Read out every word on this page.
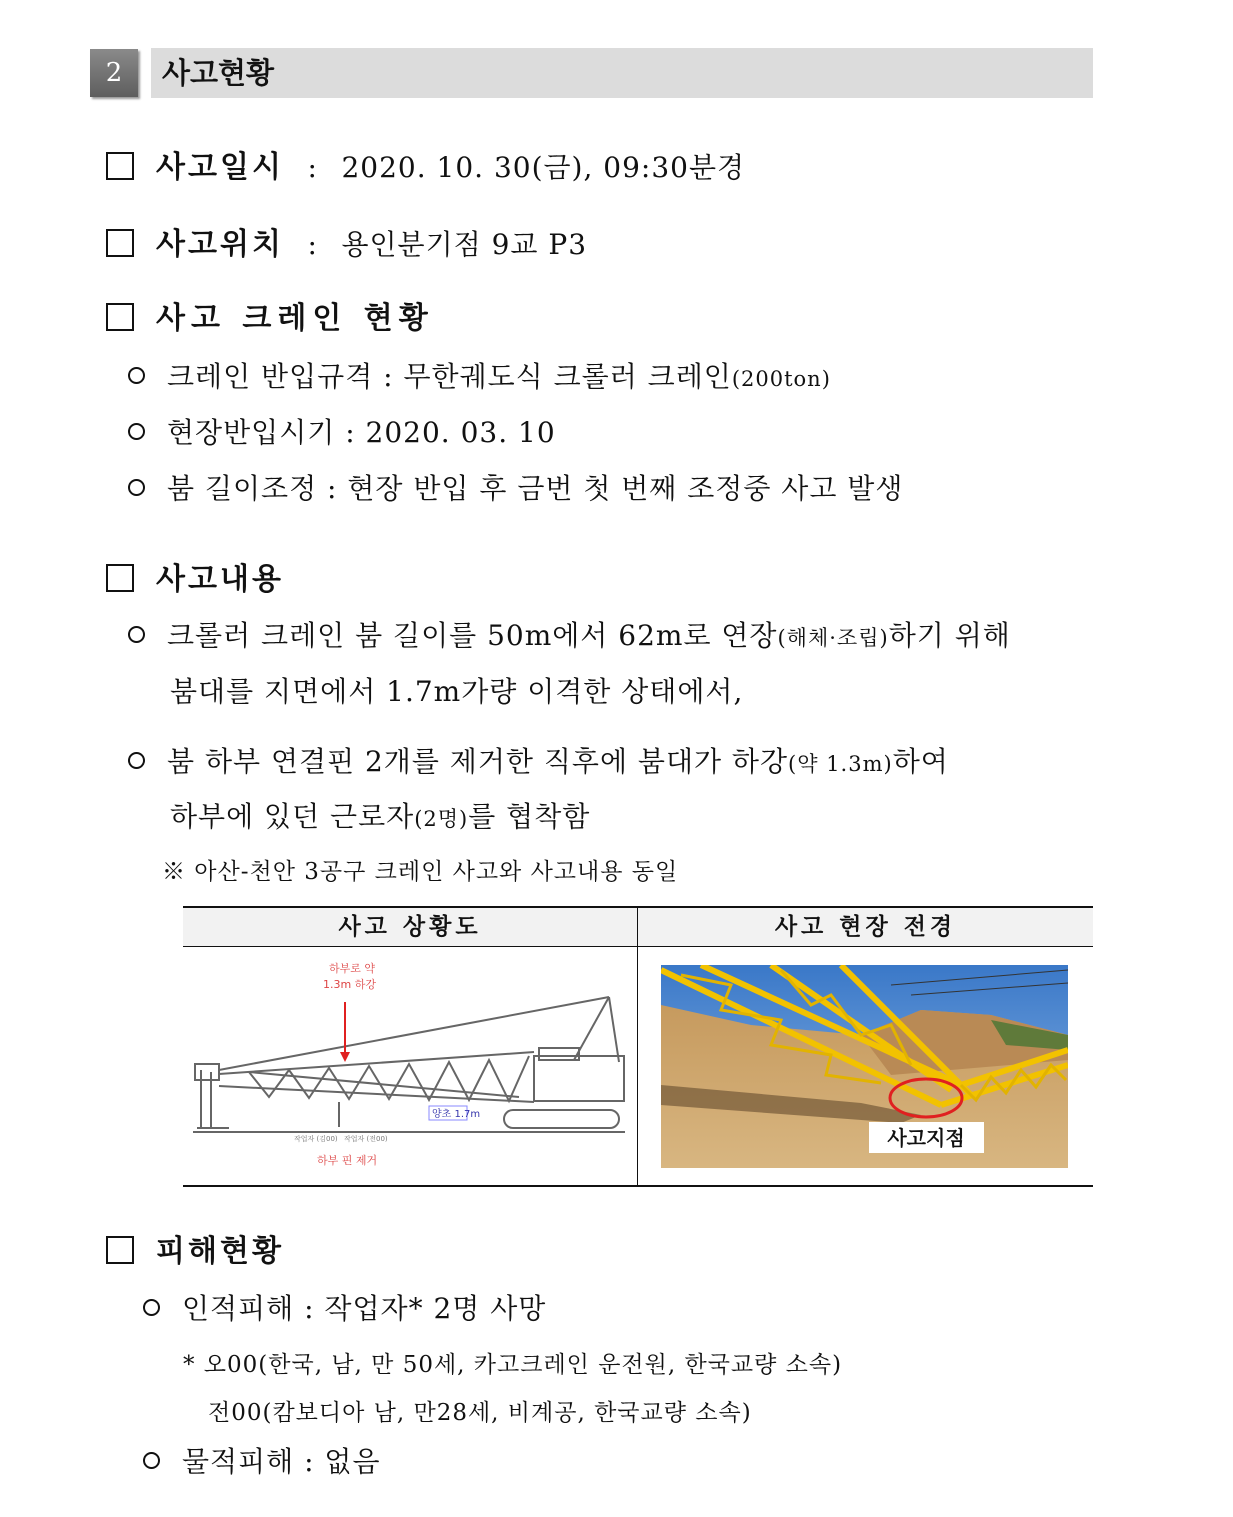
2	사고현황
사고일시 : 2020. 10. 30(금), 09:30분경
사고위치 : 용인분기점 9교 P3
사고 크레인 현황
크레인 반입규격 : 무한궤도식 크롤러 크레인(200ton)
현장반입시기 : 2020. 03. 10
붐 길이조정 : 현장 반입 후 금번 첫 번째 조정중 사고 발생
사고내용
크롤러 크레인 붐 길이를 50m에서 62m로 연장(해체·조립)하기 위해
붐대를 지면에서 1.7m가량 이격한 상태에서,
붐 하부 연결핀 2개를 제거한 직후에 붐대가 하강(약 1.3m)하여
하부에 있던 근로자(2명)를 협착함
※ 아산-천안 3공구 크레인 사고와 사고내용 동일
사고 상황도	사고 현장 전경
하부로 약
1.3m 하강
양초 1.7m
작업자 (김00) 작업자 (전00)
하부 핀 제거
사고지점
피해현황
인적피해 : 작업자* 2명 사망
* 오00(한국, 남, 만 50세, 카고크레인 운전원, 한국교량 소속)
전00(캄보디아 남, 만28세, 비계공, 한국교량 소속)
물적피해 : 없음
